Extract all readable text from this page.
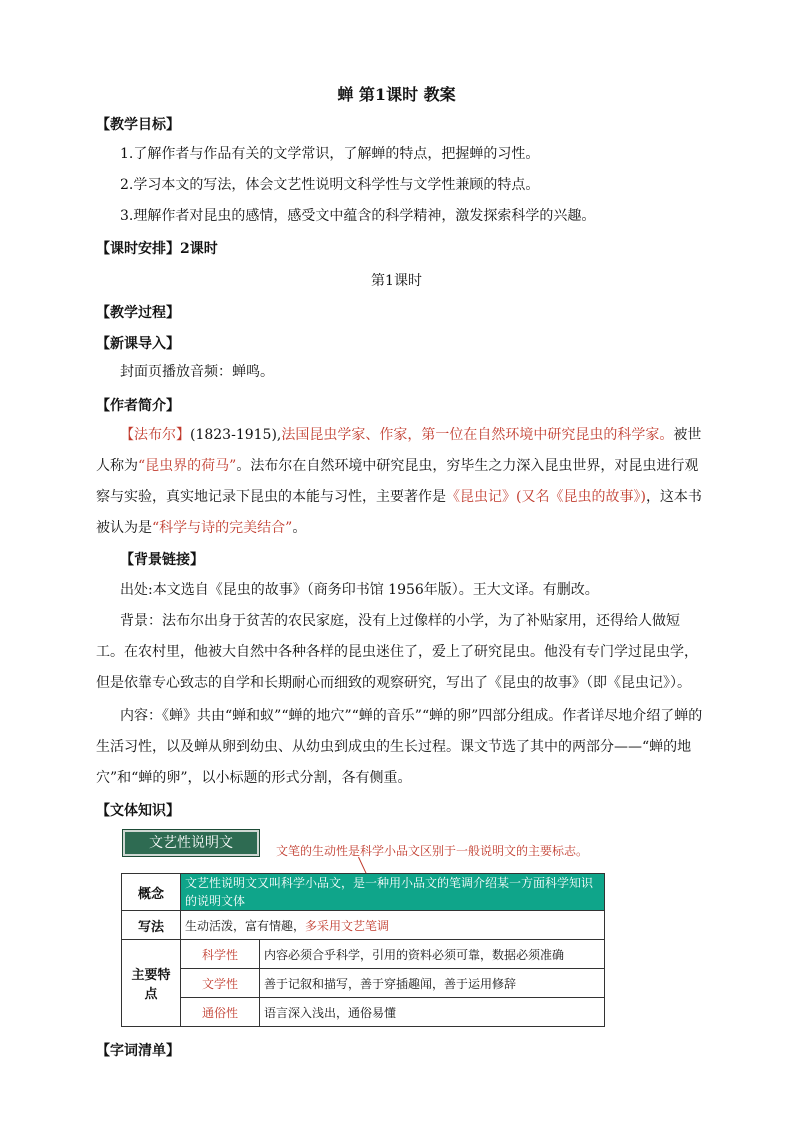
蝉 第1课时 教案
【教学目标】
1.了解作者与作品有关的文学常识，了解蝉的特点，把握蝉的习性。
2.学习本文的写法，体会文艺性说明文科学性与文学性兼顾的特点。
3.理解作者对昆虫的感情，感受文中蕴含的科学精神，激发探索科学的兴趣。
【课时安排】2课时
第1课时
【教学过程】
【新课导入】
封面页播放音频：蝉鸣。
【作者简介】
【法布尔】(1823-1915),法国昆虫学家、作家，第一位在自然环境中研究昆虫的科学家。被世人称为“昆虫界的荷马”。法布尔在自然环境中研究昆虫，穷毕生之力深入昆虫世界，对昆虫进行观察与实验，真实地记录下昆虫的本能与习性，主要著作是《昆虫记》(又名《昆虫的故事》)，这本书被认为是“科学与诗的完美结合”。
【背景链接】
出处:本文选自《昆虫的故事》（商务印书馆 1956年版）。王大文译。有删改。
背景：法布尔出身于贫苦的农民家庭，没有上过像样的小学，为了补贴家用，还得给人做短工。在农村里，他被大自然中各种各样的昆虫迷住了，爱上了研究昆虫。他没有专门学过昆虫学，但是依靠专心致志的自学和长期耐心而细致的观察研究，写出了《昆虫的故事》（即《昆虫记》）。
内容：《蝉》共由“蝉和蚁”“蝉的地穴”“蝉的音乐”“蝉的卵”四部分组成。作者详尽地介绍了蝉的生活习性，以及蝉从卵到幼虫、从幼虫到成虫的生长过程。课文节选了其中的两部分——“蝉的地穴”和“蝉的卵”，以小标题的形式分割，各有侧重。
【文体知识】
文艺性说明文	文笔的生动性是科学小品文区别于一般说明文的主要标志。
概念	文艺性说明文又叫科学小品文，是一种用小品文的笔调介绍某一方面科学知识的说明文体	
写法	生动活泼，富有情趣，多采用文艺笔调	
主要特点	科学性	内容必须合乎科学，引用的资料必须可靠，数据必须准确
	文学性	善于记叙和描写，善于穿插趣闻，善于运用修辞
	通俗性	语言深入浅出，通俗易懂
【字词清单】
